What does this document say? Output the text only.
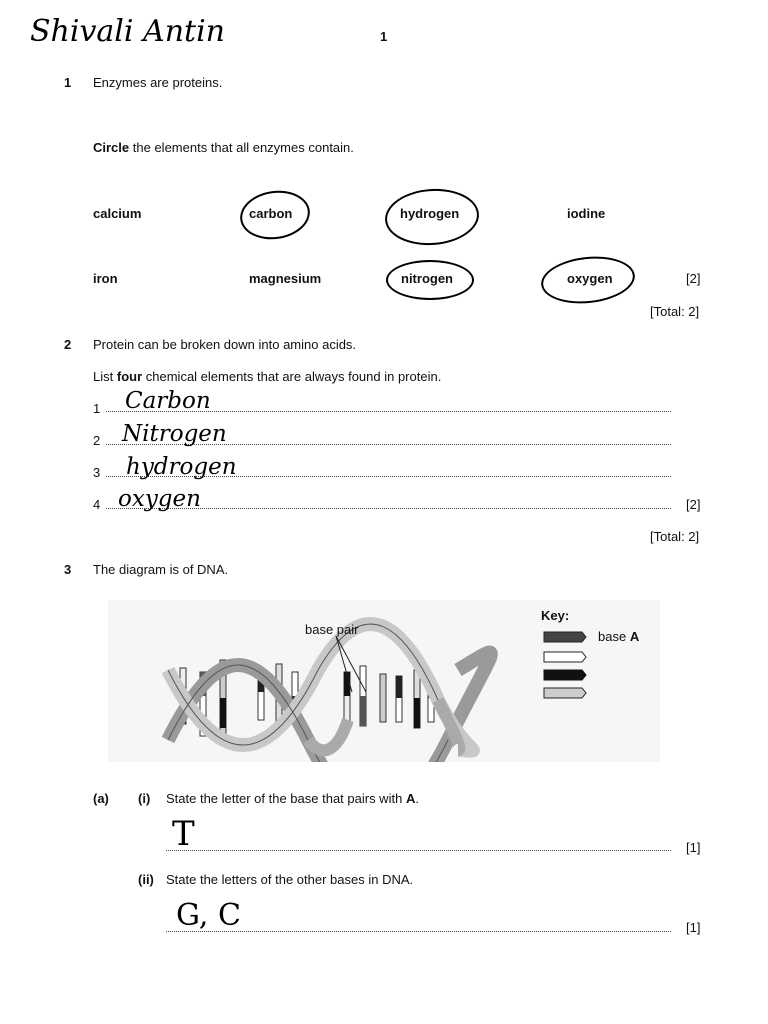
Shivali Antin	1
1 Enzymes are proteins.
Circle the elements that all enzymes contain.
calcium	carbon	hydrogen	iodine
iron	magnesium	nitrogen	oxygen	[2]
[Total: 2]
2 Protein can be broken down into amino acids.
List four chemical elements that are always found in protein.
1 Carbon
2 Nitrogen
3 hydrogen
4 oxygen	[2]
[Total: 2]
3 The diagram is of DNA.
base pair
Key:
base A
(a) (i) State the letter of the base that pairs with A.
T	[1]
(ii) State the letters of the other bases in DNA.
G, C	[1]
